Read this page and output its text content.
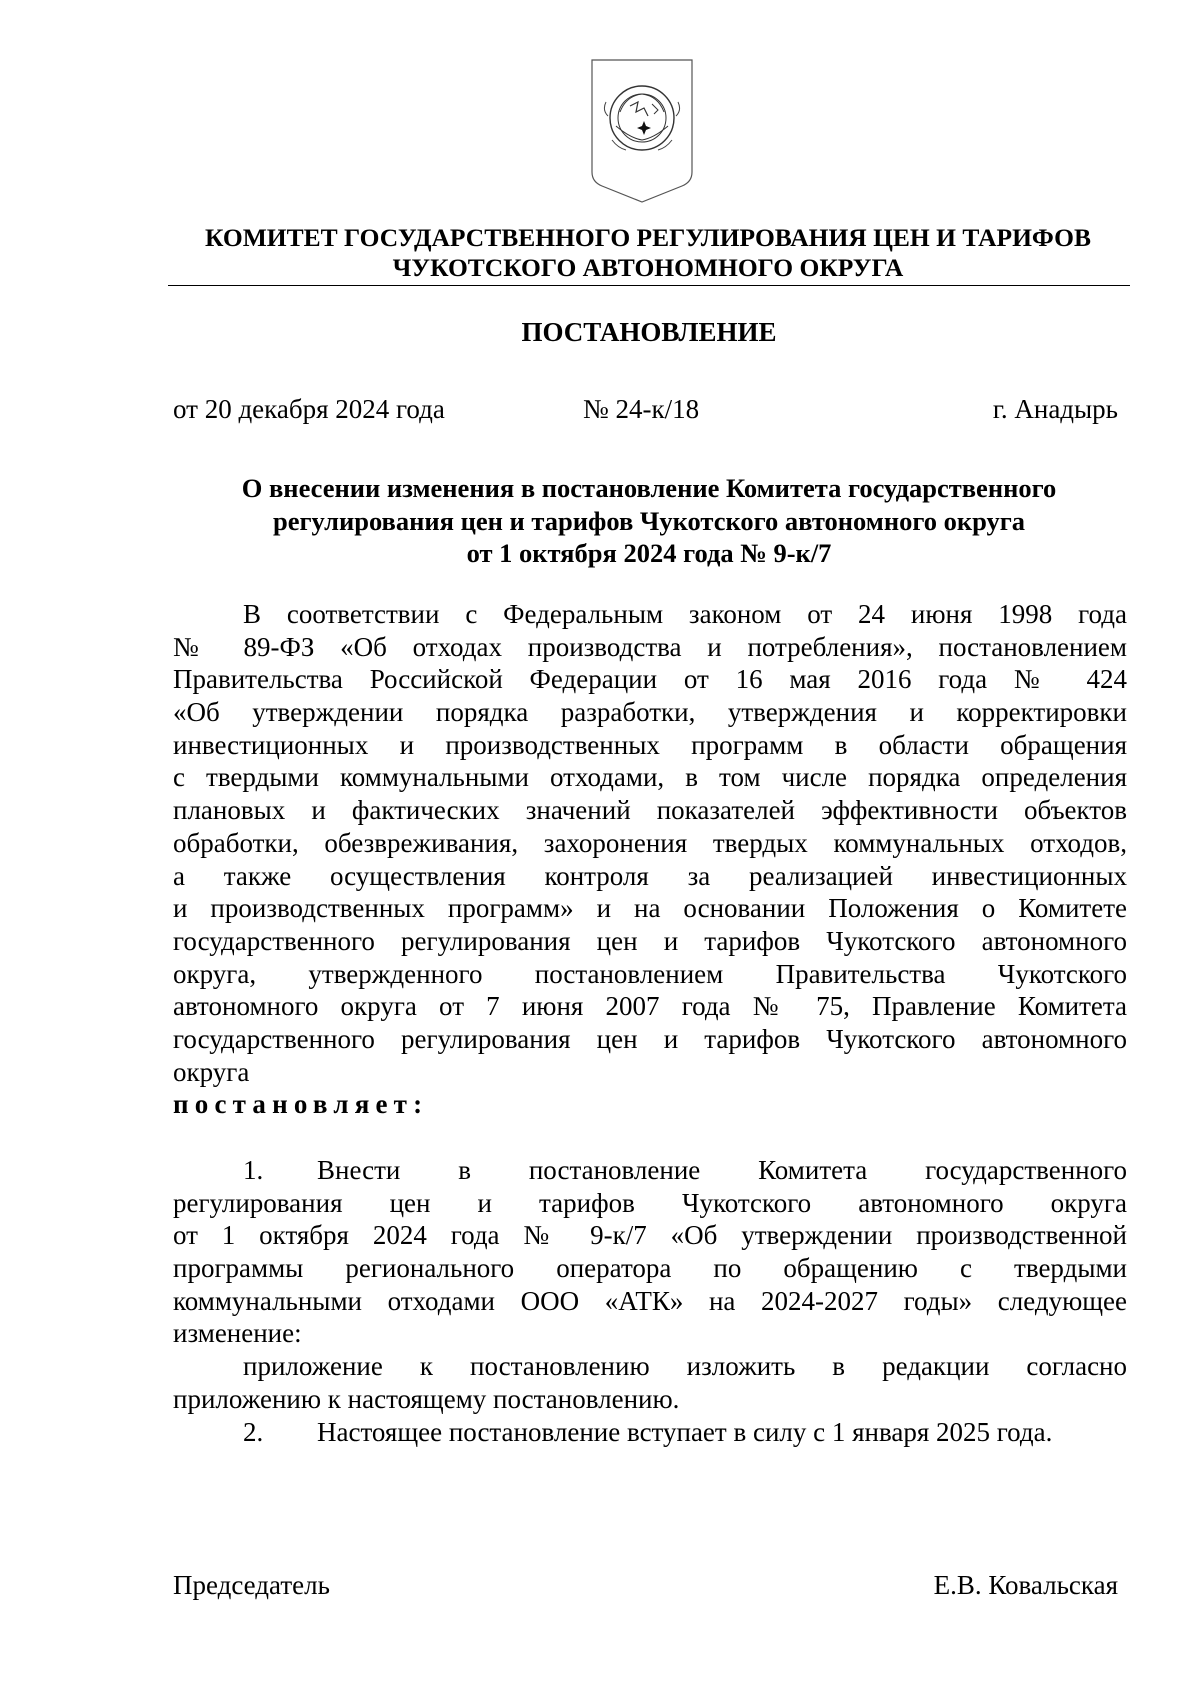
КОМИТЕТ ГОСУДАРСТВЕННОГО РЕГУЛИРОВАНИЯ ЦЕН И ТАРИФОВ
ЧУКОТСКОГО АВТОНОМНОГО ОКРУГА
ПОСТАНОВЛЕНИЕ
от 20 декабря 2024 года	№ 24-к/18	г. Анадырь
О внесении изменения в постановление Комитета государственного
регулирования цен и тарифов Чукотского автономного округа
от 1 октября 2024 года № 9-к/7
В соответствии с Федеральным законом от 24 июня 1998 года
№ 89-ФЗ «Об отходах производства и потребления», постановлением
Правительства Российской Федерации от 16 мая 2016 года № 424
«Об утверждении порядка разработки, утверждения и корректировки
инвестиционных и производственных программ в области обращения
с твердыми коммунальными отходами, в том числе порядка определения
плановых и фактических значений показателей эффективности объектов
обработки, обезвреживания, захоронения твердых коммунальных отходов,
а также осуществления контроля за реализацией инвестиционных
и производственных программ» и на основании Положения о Комитете
государственного регулирования цен и тарифов Чукотского автономного
округа, утвержденного постановлением Правительства Чукотского
автономного округа от 7 июня 2007 года № 75, Правление Комитета
государственного регулирования цен и тарифов Чукотского автономного
округа
постановляет:
1.	Внести в постановление Комитета государственного
регулирования цен и тарифов Чукотского автономного округа
от 1 октября 2024 года № 9-к/7 «Об утверждении производственной
программы регионального оператора по обращению с твердыми
коммунальными отходами ООО «АТК» на 2024-2027 годы» следующее
изменение:
приложение к постановлению изложить в редакции согласно
приложению к настоящему постановлению.
2.	Настоящее постановление вступает в силу с 1 января 2025 года.
Председатель	Е.В. Ковальская
